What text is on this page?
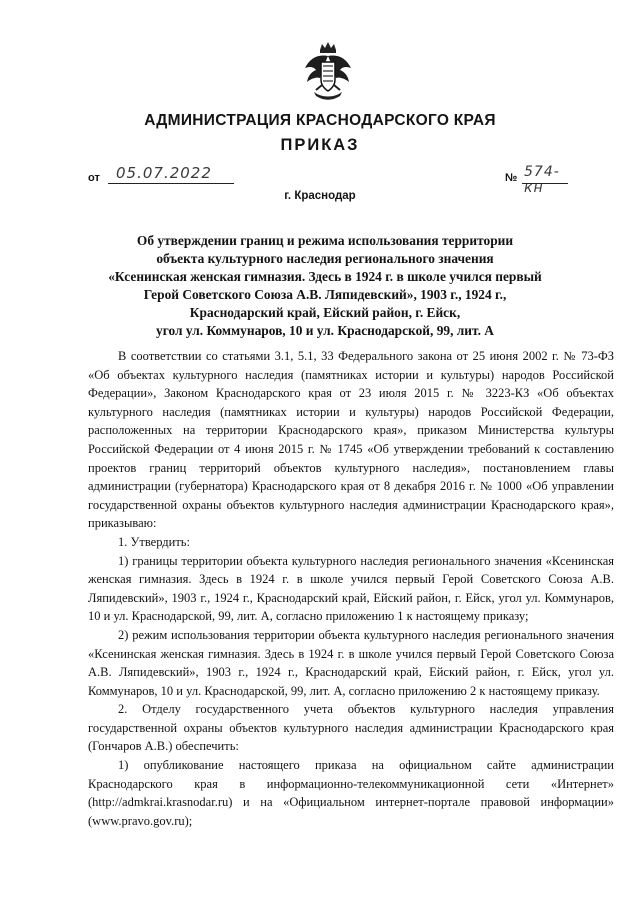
АДМИНИСТРАЦИЯ КРАСНОДАРСКОГО КРАЯ
ПРИКАЗ
от 05.07.2022	№ 574-кн
г. Краснодар
Об утверждении границ и режима использования территории
объекта культурного наследия регионального значения
«Ксенинская женская гимназия. Здесь в 1924 г. в школе учился первый
Герой Советского Союза А.В. Ляпидевский», 1903 г., 1924 г.,
Краснодарский край, Ейский район, г. Ейск,
угол ул. Коммунаров, 10 и ул. Краснодарской, 99, лит. А

В соответствии со статьями 3.1, 5.1, 33 Федерального закона от 25 июня 2002 г. № 73-ФЗ «Об объектах культурного наследия (памятниках истории и культуры) народов Российской Федерации», Законом Краснодарского края от 23 июля 2015 г. № 3223-КЗ «Об объектах культурного наследия (памятниках истории и культуры) народов Российской Федерации, расположенных на территории Краснодарского края», приказом Министерства культуры Российской Федерации от 4 июня 2015 г. № 1745 «Об утверждении требований к составлению проектов границ территорий объектов культурного наследия», постановлением главы администрации (губернатора) Краснодарского края от 8 декабря 2016 г. № 1000 «Об управлении государственной охраны объектов культурного наследия администрации Краснодарского края», приказываю:

1. Утвердить:

1) границы территории объекта культурного наследия регионального значения «Ксенинская женская гимназия. Здесь в 1924 г. в школе учился первый Герой Советского Союза А.В. Ляпидевский», 1903 г., 1924 г., Краснодарский край, Ейский район, г. Ейск, угол ул. Коммунаров, 10 и ул. Краснодарской, 99, лит. А, согласно приложению 1 к настоящему приказу;

2) режим использования территории объекта культурного наследия регионального значения «Ксенинская женская гимназия. Здесь в 1924 г. в школе учился первый Герой Советского Союза А.В. Ляпидевский», 1903 г., 1924 г., Краснодарский край, Ейский район, г. Ейск, угол ул. Коммунаров, 10 и ул. Краснодарской, 99, лит. А, согласно приложению 2 к настоящему приказу.

2. Отделу государственного учета объектов культурного наследия управления государственной охраны объектов культурного наследия администрации Краснодарского края (Гончаров А.В.) обеспечить:

1) опубликование настоящего приказа на официальном сайте администрации Краснодарского края в информационно-телекоммуникационной сети «Интернет» (http://admkrai.krasnodar.ru) и на «Официальном интернет-портале правовой информации» (www.pravo.gov.ru);
